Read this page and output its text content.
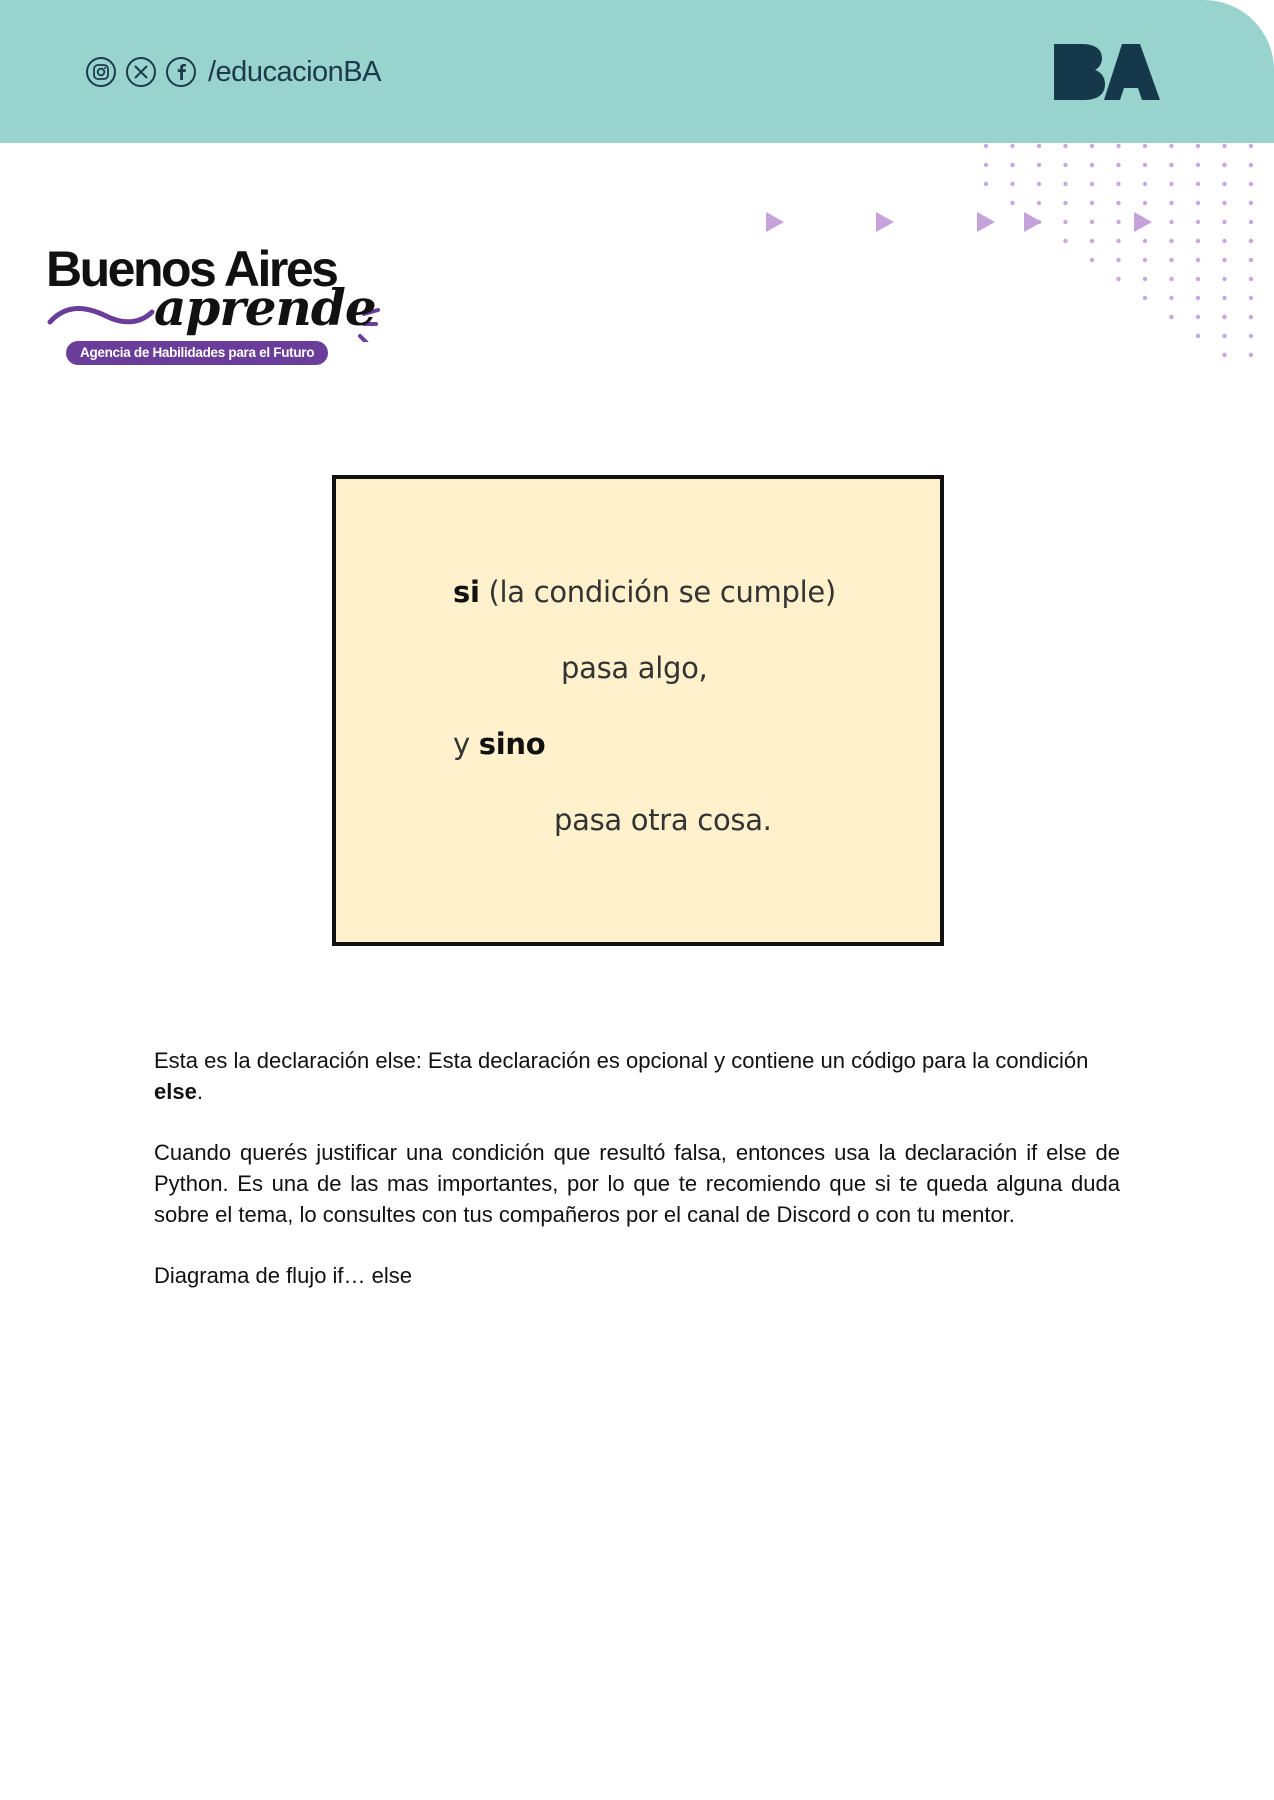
/educacionBA
Buenos Aires
aprende
Agencia de Habilidades para el Futuro
si (la condición se cumple)
pasa algo,
y sino
pasa otra cosa.

Esta es la declaración else: Esta declaración es opcional y contiene un código para la condición else.

Cuando querés justificar una condición que resultó falsa, entonces usa la declaración if else de Python. Es una de las mas importantes, por lo que te recomiendo que si te queda alguna duda sobre el tema, lo consultes con tus compañeros por el canal de Discord o con tu mentor.

Diagrama de flujo if… else
